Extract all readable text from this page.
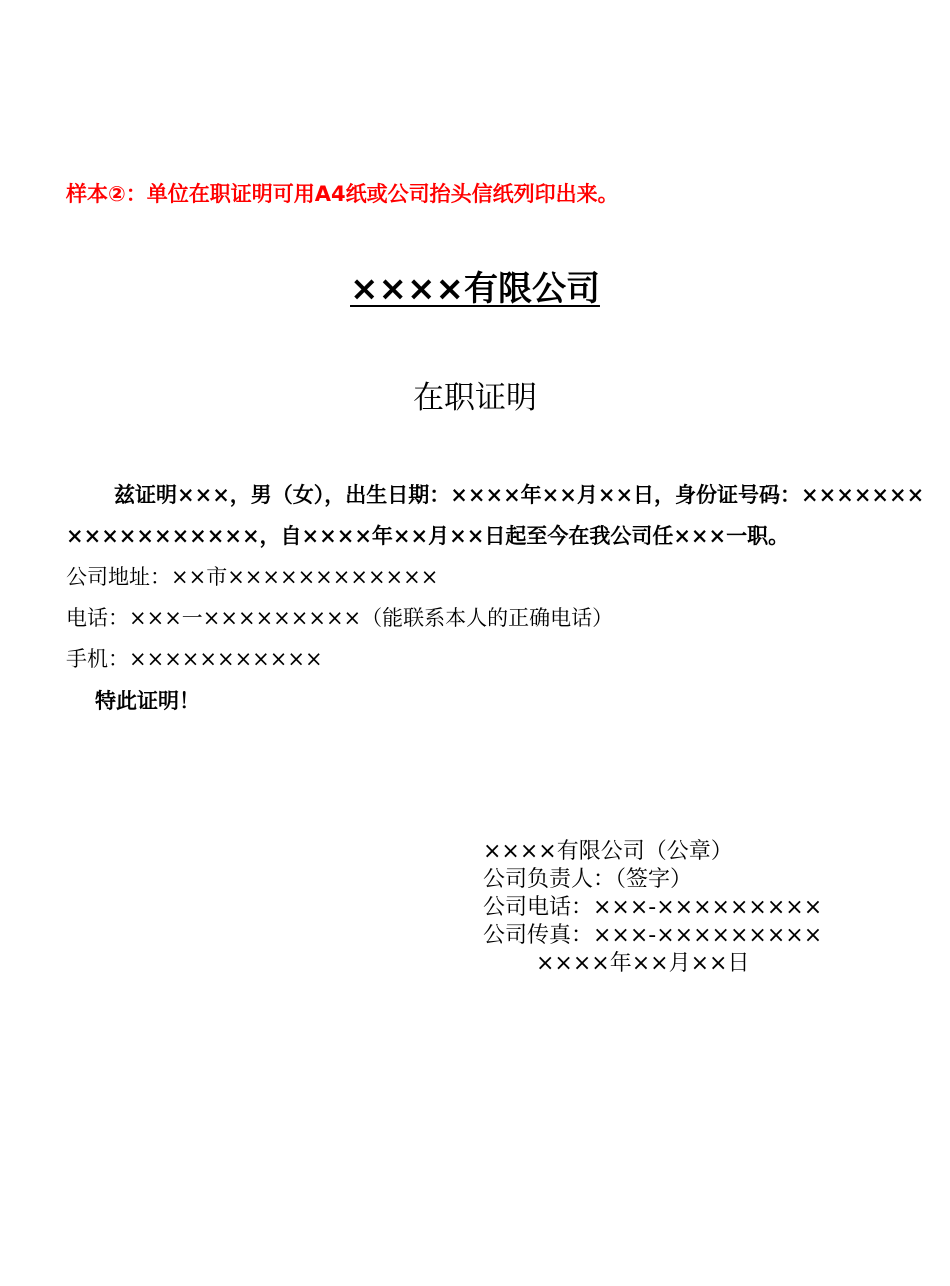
样本②：单位在职证明可用A4纸或公司抬头信纸列印出来。
××××有限公司
在职证明
兹证明×××，男（女），出生日期：××××年××月××日，身份证号码：×××××××
×××××××××××，自××××年××月××日起至今在我公司任×××一职。
公司地址：××市××××××××××××
电话：×××一×××××××××（能联系本人的正确电话）
手机：×××××××××××
特此证明！
××××有限公司（公章）
公司负责人：（签字）
公司电话：×××-×××××××××
公司传真：×××-×××××××××
××××年××月××日
